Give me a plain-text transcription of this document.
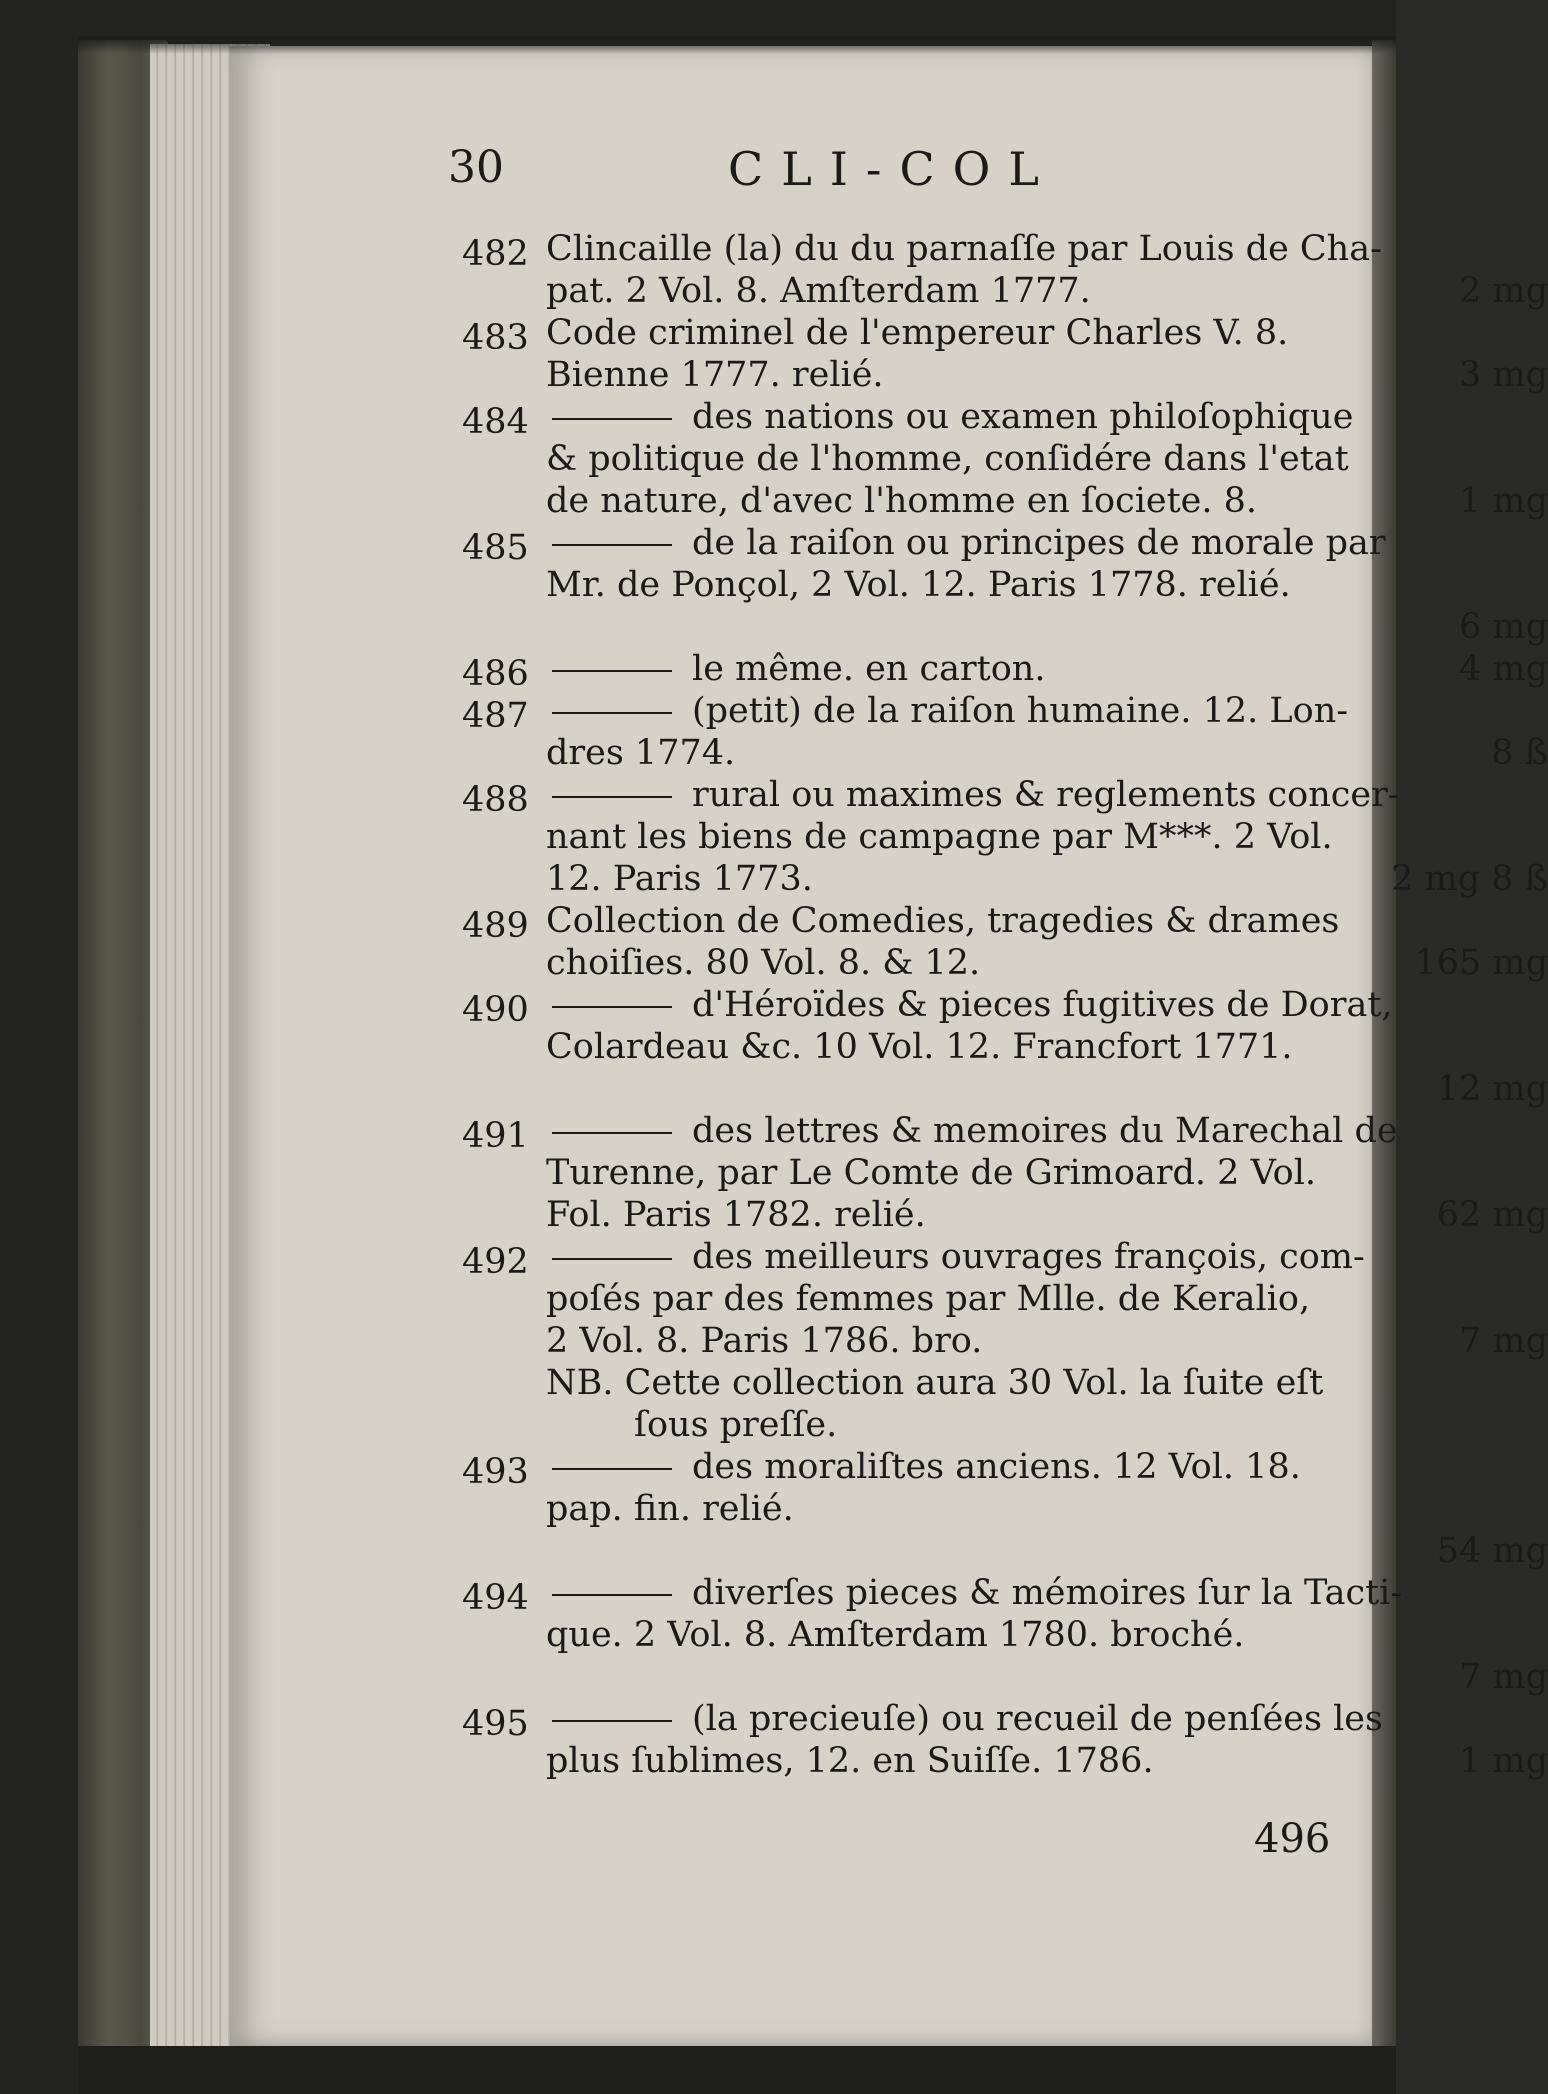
30	CLI-COL
482 Clincaille (la) du du parnaſſe par Louis de Cha-
pat. 2 Vol. 8. Amſterdam 1777.	2 mg
483 Code criminel de l'empereur Charles V. 8.
Bienne 1777. relié.	3 mg
484	des nations ou examen philoſophique
& politique de l'homme, conſidére dans l'etat
de nature, d'avec l'homme en ſociete. 8.	1 mg
485	de la raiſon ou principes de morale par
Mr. de Ponçol, 2 Vol. 12. Paris 1778. relié.
6 mg
486	le même. en carton.	4 mg
487	(petit) de la raiſon humaine. 12. Lon-
dres 1774.	8 ß
488	rural ou maximes & reglements concer-
nant les biens de campagne par M***. 2 Vol.
12. Paris 1773.	2 mg 8 ß
489 Collection de Comedies, tragedies & drames
choiſies. 80 Vol. 8. & 12.	165 mg
490	d'Héroïdes & pieces fugitives de Dorat,
Colardeau &c. 10 Vol. 12. Francfort 1771.
12 mg
491	des lettres & memoires du Marechal de
Turenne, par Le Comte de Grimoard. 2 Vol.
Fol. Paris 1782. relié.	62 mg
492	des meilleurs ouvrages françois, com-
poſés par des femmes par Mlle. de Keralio,
2 Vol. 8. Paris 1786. bro.	7 mg
NB. Cette collection aura 30 Vol. la ſuite eſt
ſous preſſe.
493	des moraliſtes anciens. 12 Vol. 18.
pap. fin. relié.
54 mg
494	diverſes pieces & mémoires ſur la Tacti-
que. 2 Vol. 8. Amſterdam 1780. broché.
7 mg
495	(la precieuſe) ou recueil de penſées les
plus ſublimes, 12. en Suiſſe. 1786.	1 mg
496
